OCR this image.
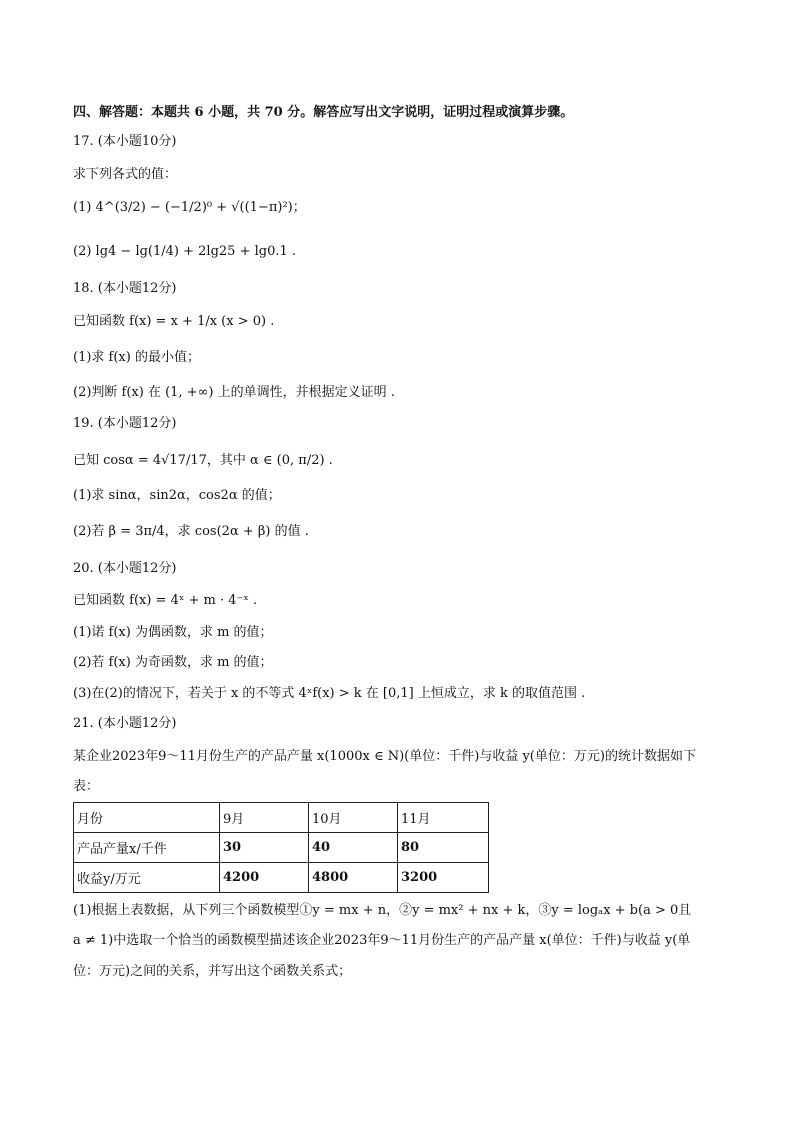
四、解答题：本题共 6 小题，共 70 分。解答应写出文字说明，证明过程或演算步骤。
17. (本小题10分)
求下列各式的值：
(1) 4^(3/2) − (−1/2)⁰ + √((1−π)²)；
(2) lg4 − lg(1/4) + 2lg25 + lg0.1 .
18. (本小题12分)
已知函数 f(x) = x + 1/x (x > 0) .
(1)求 f(x) 的最小值；
(2)判断 f(x) 在 (1, +∞) 上的单调性，并根据定义证明 .
19. (本小题12分)
已知 cosα = 4√17/17，其中 α ∈ (0, π/2) .
(1)求 sinα，sin2α，cos2α 的值；
(2)若 β = 3π/4，求 cos(2α + β) 的值 .
20. (本小题12分)
已知函数 f(x) = 4ˣ + m · 4⁻ˣ .
(1)诺 f(x) 为偶函数，求 m 的值；
(2)若 f(x) 为奇函数，求 m 的值；
(3)在(2)的情况下，若关于 x 的不等式 4ˣf(x) > k 在 [0,1] 上恒成立，求 k 的取值范围 .
21. (本小题12分)
某企业2023年9～11月份生产的产品产量 x(1000x ∈ N)(单位：千件)与收益 y(单位：万元)的统计数据如下
表：
月份	9月	10月	11月
产品产量x/千件	30	40	80
收益y/万元	4200	4800	3200
(1)根据上表数据，从下列三个函数模型①y = mx + n，②y = mx² + nx + k，③y = logₐx + b(a > 0且
a ≠ 1)中选取一个恰当的函数模型描述该企业2023年9～11月份生产的产品产量 x(单位：千件)与收益 y(单
位：万元)之间的关系，并写出这个函数关系式；
